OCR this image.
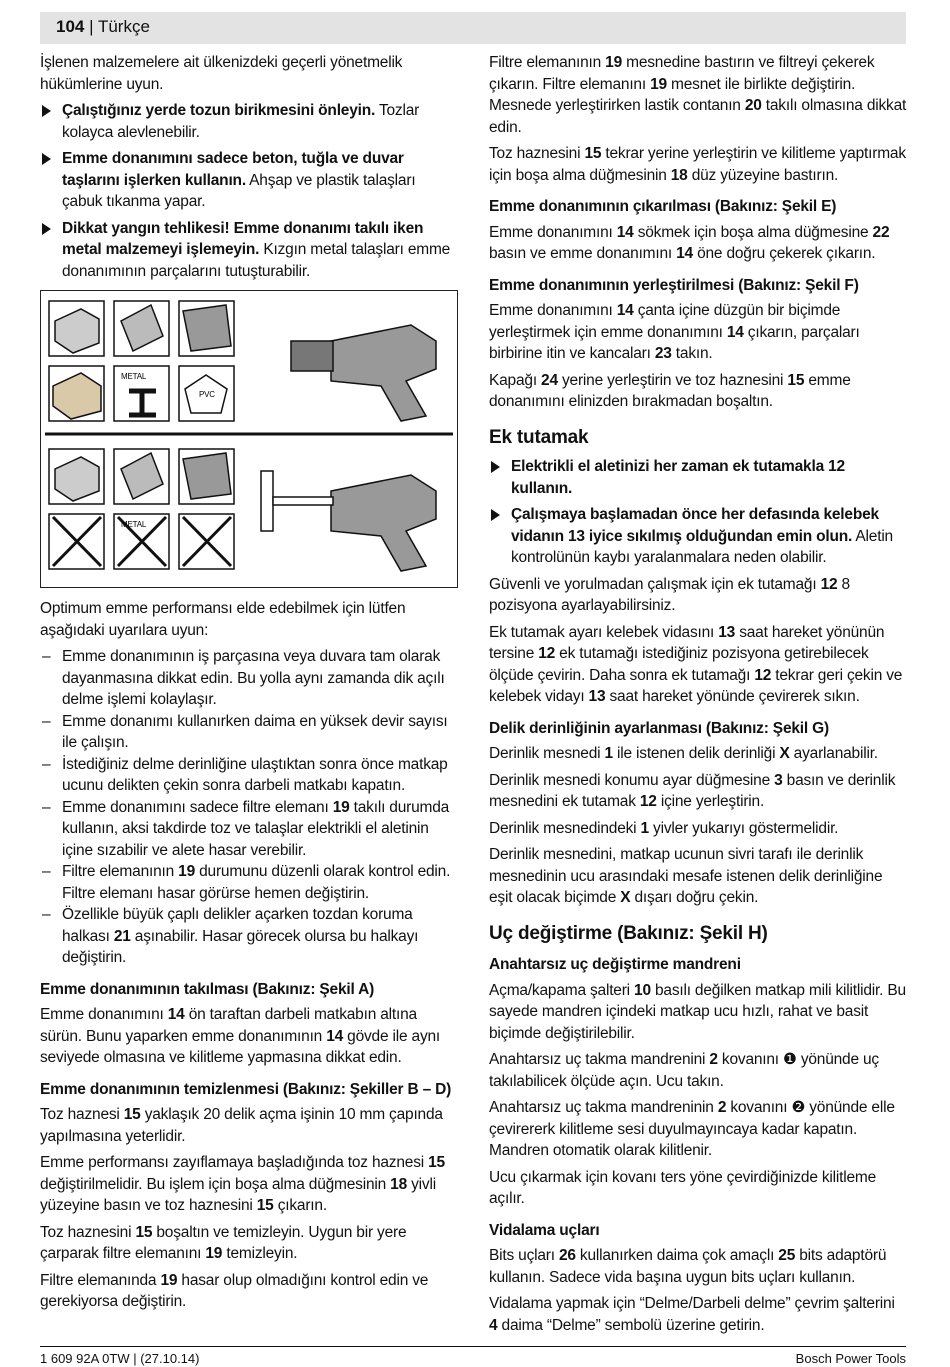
104 | Türkçe

İşlenen malzemelere ait ülkenizdeki geçerli yönetmelik hükümlerine uyun.

Çalıştığınız yerde tozun birikmesini önleyin. Tozlar kolayca alevlenebilir.
Emme donanımını sadece beton, tuğla ve duvar taşlarını işlerken kullanın. Ahşap ve plastik talaşları çabuk tıkanma yapar.
Dikkat yangın tehlikesi! Emme donanımı takılı iken metal malzemeyi işlemeyin. Kızgın metal talaşları emme donanımının parçalarını tutuşturabilir.
METAL
PVC
METAL

Optimum emme performansı elde edebilmek için lütfen aşağıdaki uyarılara uyun:

– Emme donanımının iş parçasına veya duvara tam olarak dayanmasına dikkat edin. Bu yolla aynı zamanda dik açılı delme işlemi kolaylaşır.
– Emme donanımı kullanırken daima en yüksek devir sayısı ile çalışın.
– İstediğiniz delme derinliğine ulaştıktan sonra önce matkap ucunu delikten çekin sonra darbeli matkabı kapatın.
– Emme donanımını sadece filtre elemanı 19 takılı durumda kullanın, aksi takdirde toz ve talaşlar elektrikli el aletinin içine sızabilir ve alete hasar verebilir.
– Filtre elemanının 19 durumunu düzenli olarak kontrol edin. Filtre elemanı hasar görürse hemen değiştirin.
– Özellikle büyük çaplı delikler açarken tozdan koruma halkası 21 aşınabilir. Hasar görecek olursa bu halkayı değiştirin.
Emme donanımının takılması (Bakınız: Şekil A)

Emme donanımını 14 ön taraftan darbeli matkabın altına sürün. Bunu yaparken emme donanımının 14 gövde ile aynı seviyede olmasına ve kilitleme yapmasına dikkat edin.

Emme donanımının temizlenmesi (Bakınız: Şekiller B – D)

Toz haznesi 15 yaklaşık 20 delik açma işinin 10 mm çapında yapılmasına yeterlidir.

Emme performansı zayıflamaya başladığında toz haznesi 15 değiştirilmelidir. Bu işlem için boşa alma düğmesinin 18 yivli yüzeyine basın ve toz haznesini 15 çıkarın.

Toz haznesini 15 boşaltın ve temizleyin. Uygun bir yere çarparak filtre elemanını 19 temizleyin.

Filtre elemanında 19 hasar olup olmadığını kontrol edin ve gerekiyorsa değiştirin.

Filtre elemanının 19 mesnedine bastırın ve filtreyi çekerek çıkarın. Filtre elemanını 19 mesnet ile birlikte değiştirin. Mesnede yerleştirirken lastik contanın 20 takılı olmasına dikkat edin.

Toz haznesini 15 tekrar yerine yerleştirin ve kilitleme yaptırmak için boşa alma düğmesinin 18 düz yüzeyine bastırın.

Emme donanımının çıkarılması (Bakınız: Şekil E)

Emme donanımını 14 sökmek için boşa alma düğmesine 22 basın ve emme donanımını 14 öne doğru çekerek çıkarın.

Emme donanımının yerleştirilmesi (Bakınız: Şekil F)

Emme donanımını 14 çanta içine düzgün bir biçimde yerleştirmek için emme donanımını 14 çıkarın, parçaları birbirine itin ve kancaları 23 takın.

Kapağı 24 yerine yerleştirin ve toz haznesini 15 emme donanımını elinizden bırakmadan boşaltın.

Ek tutamak
Elektrikli el aletinizi her zaman ek tutamakla 12 kullanın.
Çalışmaya başlamadan önce her defasında kelebek vidanın 13 iyice sıkılmış olduğundan emin olun. Aletin kontrolünün kaybı yaralanmalara neden olabilir.

Güvenli ve yorulmadan çalışmak için ek tutamağı 12 8 pozisyona ayarlayabilirsiniz.

Ek tutamak ayarı kelebek vidasını 13 saat hareket yönünün tersine 12 ek tutamağı istediğiniz pozisyona getirebilecek ölçüde çevirin. Daha sonra ek tutamağı 12 tekrar geri çekin ve kelebek vidayı 13 saat hareket yönünde çevirerek sıkın.

Delik derinliğinin ayarlanması (Bakınız: Şekil G)

Derinlik mesnedi 1 ile istenen delik derinliği X ayarlanabilir.

Derinlik mesnedi konumu ayar düğmesine 3 basın ve derinlik mesnedini ek tutamak 12 içine yerleştirin.

Derinlik mesnedindeki 1 yivler yukarıyı göstermelidir.

Derinlik mesnedini, matkap ucunun sivri tarafı ile derinlik mesnedinin ucu arasındaki mesafe istenen delik derinliğine eşit olacak biçimde X dışarı doğru çekin.

Uç değiştirme (Bakınız: Şekil H)
Anahtarsız uç değiştirme mandreni

Açma/kapama şalteri 10 basılı değilken matkap mili kilitlidir. Bu sayede mandren içindeki matkap ucu hızlı, rahat ve basit biçimde değiştirilebilir.

Anahtarsız uç takma mandrenini 2 kovanını ❶ yönünde uç takılabilicek ölçüde açın. Ucu takın.

Anahtarsız uç takma mandreninin 2 kovanını ❷ yönünde elle çevirererk kilitleme sesi duyulmayıncaya kadar kapatın. Mandren otomatik olarak kilitlenir.

Ucu çıkarmak için kovanı ters yöne çevirdiğinizde kilitleme açılır.

Vidalama uçları

Bits uçları 26 kullanırken daima çok amaçlı 25 bits adaptörü kullanın. Sadece vida başına uygun bits uçları kullanın.

Vidalama yapmak için “Delme/Darbeli delme” çevrim şalterini 4 daima “Delme” sembolü üzerine getirin.

1 609 92A 0TW | (27.10.14)	Bosch Power Tools
